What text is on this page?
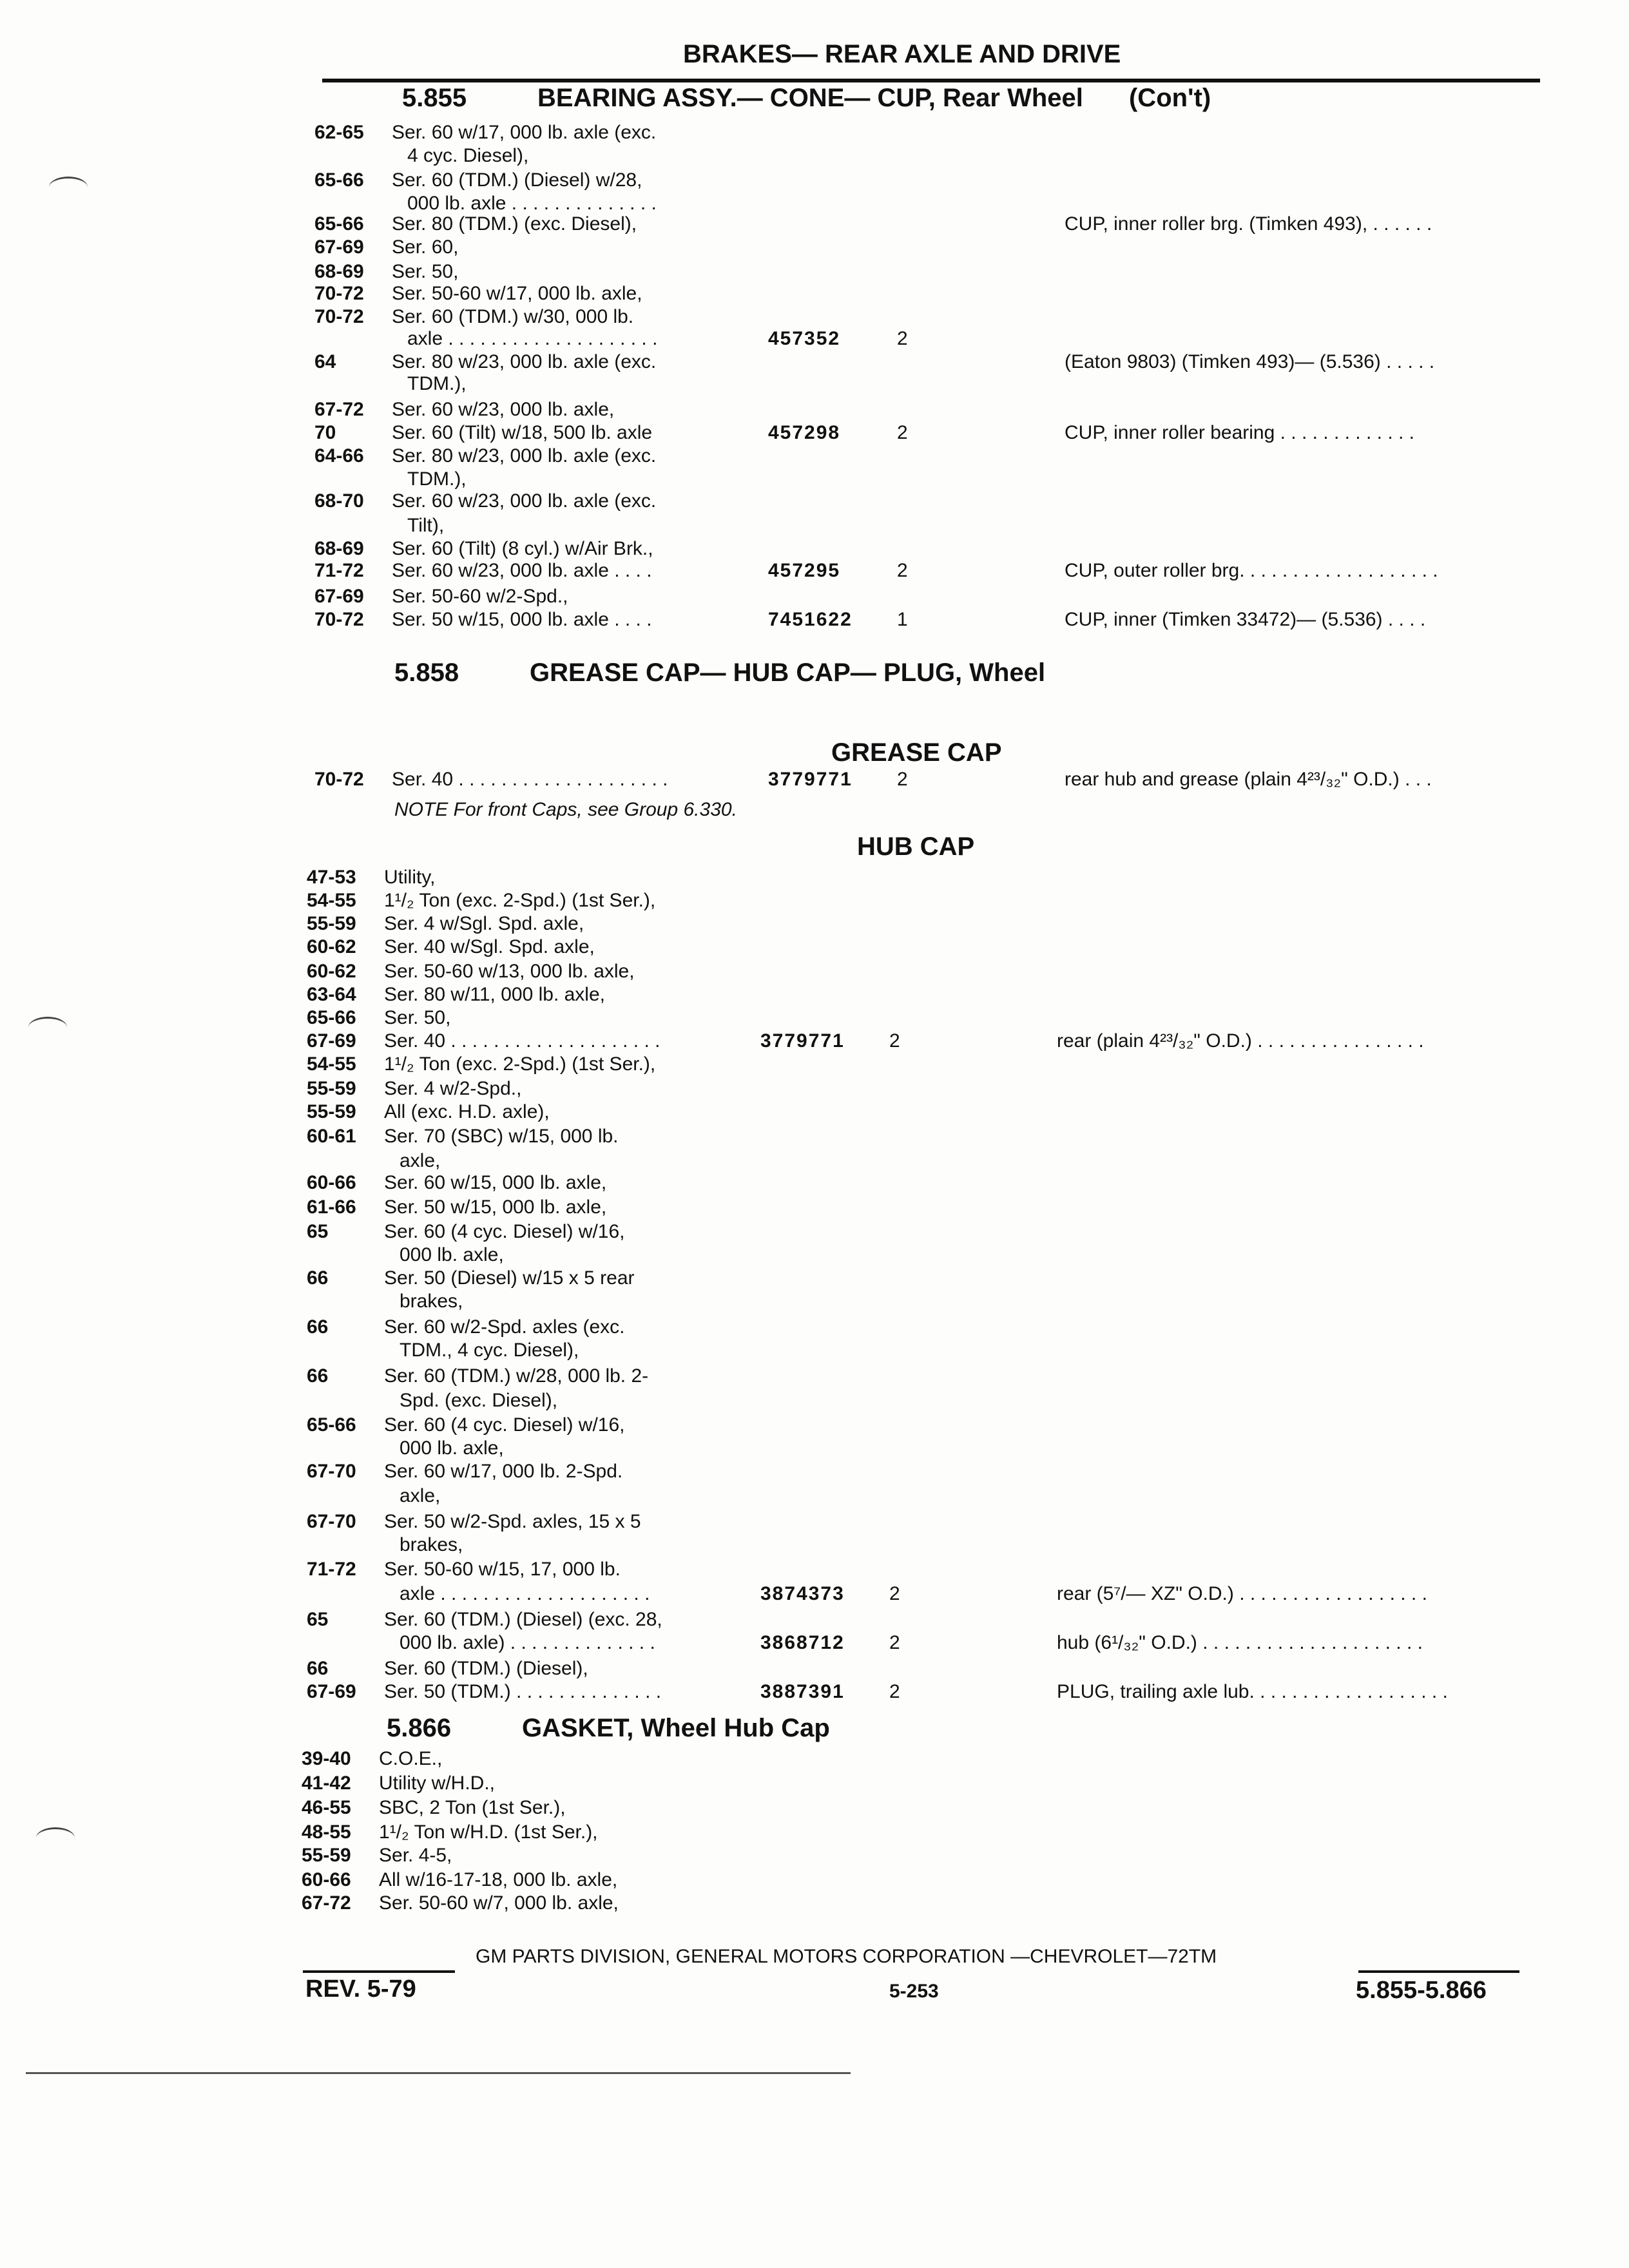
BRAKES— REAR AXLE AND DRIVE
5.855	BEARING ASSY.— CONE— CUP, Rear Wheel (Con't)
5.858	GREASE CAP— HUB CAP— PLUG, Wheel
GREASE CAP
NOTE For front Caps, see Group 6.330.
HUB CAP
5.866	GASKET, Wheel Hub Cap
62-65 Ser. 60 w/17, 000 lb. axle (exc.
4 cyc. Diesel),
65-66 Ser. 60 (TDM.) (Diesel) w/28,
000 lb. axle . . . . . . . . . . . . . .
65-66 Ser. 80 (TDM.) (exc. Diesel),	CUP, inner roller brg. (Timken 493), . . . . . .
67-69 Ser. 60,
68-69 Ser. 50,
70-72 Ser. 50-60 w/17, 000 lb. axle,
70-72 Ser. 60 (TDM.) w/30, 000 lb.
axle . . . . . . . . . . . . . . . . . . . .	457352	2
64	Ser. 80 w/23, 000 lb. axle (exc.	(Eaton 9803) (Timken 493)— (5.536) . . . . .
TDM.),
67-72 Ser. 60 w/23, 000 lb. axle,
70	Ser. 60 (Tilt) w/18, 500 lb. axle	457298	2	CUP, inner roller bearing . . . . . . . . . . . . .
64-66 Ser. 80 w/23, 000 lb. axle (exc.
TDM.),
68-70 Ser. 60 w/23, 000 lb. axle (exc.
Tilt),
68-69 Ser. 60 (Tilt) (8 cyl.) w/Air Brk.,
71-72 Ser. 60 w/23, 000 lb. axle . . . .	457295	2	CUP, outer roller brg. . . . . . . . . . . . . . . . . . .
67-69 Ser. 50-60 w/2-Spd.,
70-72 Ser. 50 w/15, 000 lb. axle . . . .	7451622 1	CUP, inner (Timken 33472)— (5.536) . . . .
70-72 Ser. 40 . . . . . . . . . . . . . . . . . . . .	3779771 2	rear hub and grease (plain 4²³/₃₂" O.D.) . . .
47-53 Utility,
54-55 1¹/₂ Ton (exc. 2-Spd.) (1st Ser.),
55-59 Ser. 4 w/Sgl. Spd. axle,
60-62 Ser. 40 w/Sgl. Spd. axle,
60-62 Ser. 50-60 w/13, 000 lb. axle,
63-64 Ser. 80 w/11, 000 lb. axle,
65-66 Ser. 50,
67-69 Ser. 40 . . . . . . . . . . . . . . . . . . . .	3779771 2	rear (plain 4²³/₃₂" O.D.) . . . . . . . . . . . . . . . .
54-55 1¹/₂ Ton (exc. 2-Spd.) (1st Ser.),
55-59 Ser. 4 w/2-Spd.,
55-59 All (exc. H.D. axle),
60-61 Ser. 70 (SBC) w/15, 000 lb.
axle,
60-66 Ser. 60 w/15, 000 lb. axle,
61-66 Ser. 50 w/15, 000 lb. axle,
65	Ser. 60 (4 cyc. Diesel) w/16,
000 lb. axle,
66	Ser. 50 (Diesel) w/15 x 5 rear
brakes,
66	Ser. 60 w/2-Spd. axles (exc.
TDM., 4 cyc. Diesel),
66	Ser. 60 (TDM.) w/28, 000 lb. 2-
Spd. (exc. Diesel),
65-66 Ser. 60 (4 cyc. Diesel) w/16,
000 lb. axle,
67-70 Ser. 60 w/17, 000 lb. 2-Spd.
axle,
67-70 Ser. 50 w/2-Spd. axles, 15 x 5
brakes,
71-72 Ser. 50-60 w/15, 17, 000 lb.
axle . . . . . . . . . . . . . . . . . . . .	3874373 2	rear (5⁷/— XZ" O.D.) . . . . . . . . . . . . . . . . . .
65	Ser. 60 (TDM.) (Diesel) (exc. 28,
000 lb. axle) . . . . . . . . . . . . . .	3868712 2	hub (6¹/₃₂" O.D.) . . . . . . . . . . . . . . . . . . . . .
66	Ser. 60 (TDM.) (Diesel),
67-69 Ser. 50 (TDM.) . . . . . . . . . . . . . .	3887391 2	PLUG, trailing axle lub. . . . . . . . . . . . . . . . . . .
39-40 C.O.E.,
41-42 Utility w/H.D.,
46-55 SBC, 2 Ton (1st Ser.),
48-55 1¹/₂ Ton w/H.D. (1st Ser.),
55-59 Ser. 4-5,
60-66 All w/16-17-18, 000 lb. axle,
67-72 Ser. 50-60 w/7, 000 lb. axle,
GM PARTS DIVISION, GENERAL MOTORS CORPORATION —CHEVROLET—72TM
REV. 5-79	5-253	5.855-5.866
